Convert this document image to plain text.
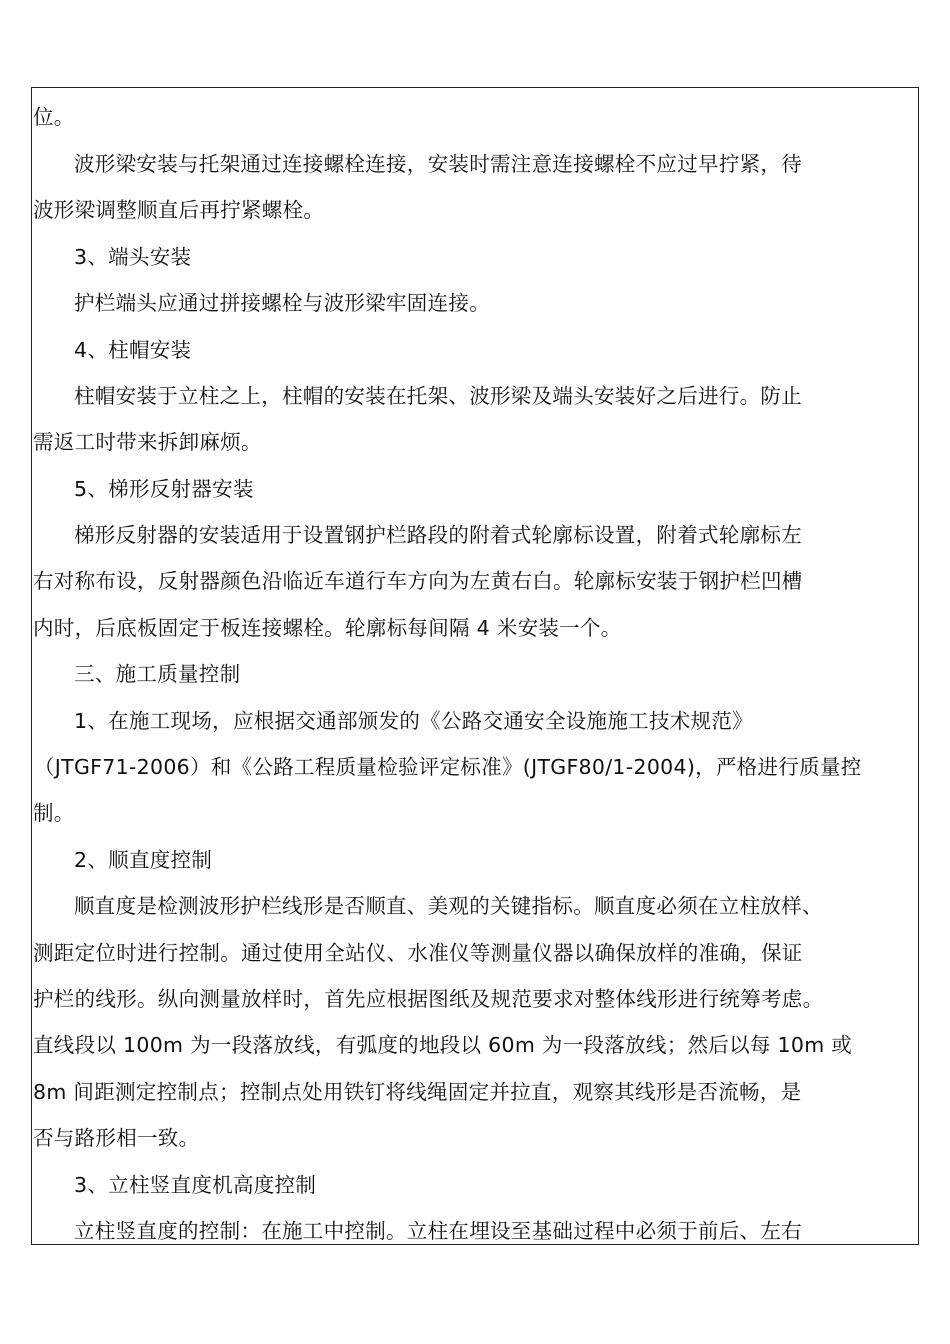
位。
波形梁安装与托架通过连接螺栓连接，安装时需注意连接螺栓不应过早拧紧，待
波形梁调整顺直后再拧紧螺栓。
3、端头安装
护栏端头应通过拼接螺栓与波形梁牢固连接。
4、柱帽安装
柱帽安装于立柱之上，柱帽的安装在托架、波形梁及端头安装好之后进行。防止
需返工时带来拆卸麻烦。
5、梯形反射器安装
梯形反射器的安装适用于设置钢护栏路段的附着式轮廓标设置，附着式轮廓标左
右对称布设，反射器颜色沿临近车道行车方向为左黄右白。轮廓标安装于钢护栏凹槽
内时，后底板固定于板连接螺栓。轮廓标每间隔 4 米安装一个。
三、施工质量控制
1、在施工现场，应根据交通部颁发的《公路交通安全设施施工技术规范》
（JTGF71-2006）和《公路工程质量检验评定标准》(JTGF80/1-2004)，严格进行质量控
制。
2、顺直度控制
顺直度是检测波形护栏线形是否顺直、美观的关键指标。顺直度必须在立柱放样、
测距定位时进行控制。通过使用全站仪、水准仪等测量仪器以确保放样的准确，保证
护栏的线形。纵向测量放样时，首先应根据图纸及规范要求对整体线形进行统筹考虑。
直线段以 100m 为一段落放线，有弧度的地段以 60m 为一段落放线；然后以每 10m 或
8m 间距测定控制点；控制点处用铁钉将线绳固定并拉直，观察其线形是否流畅，是
否与路形相一致。
3、立柱竖直度机高度控制
立柱竖直度的控制：在施工中控制。立柱在埋设至基础过程中必须于前后、左右
